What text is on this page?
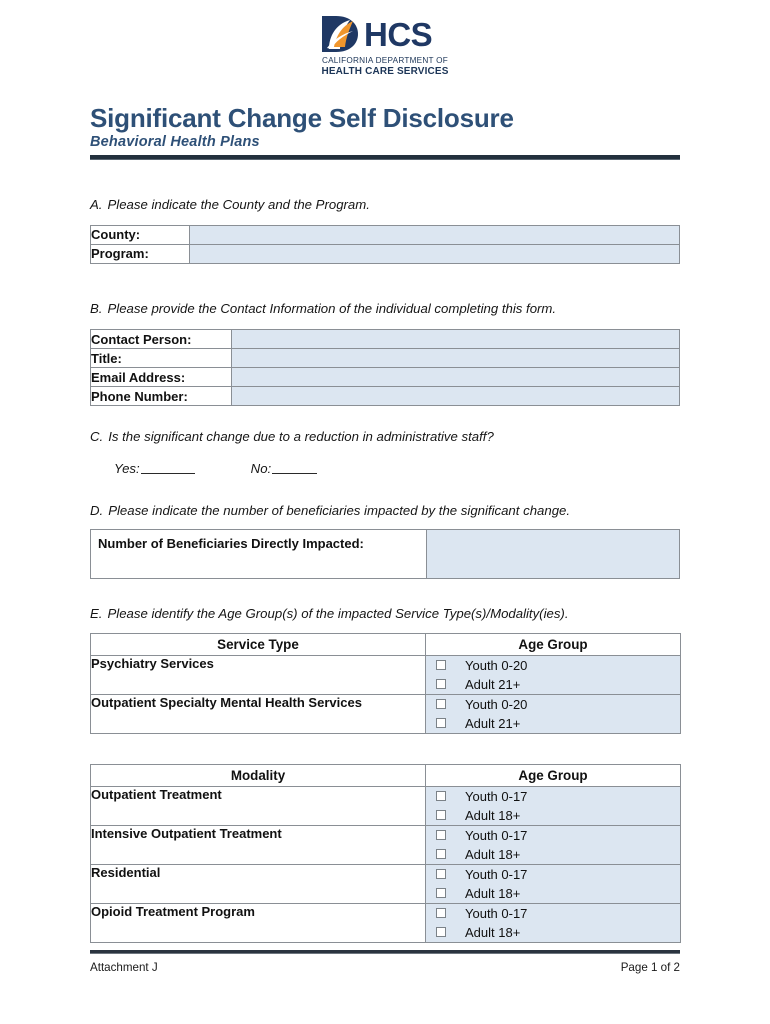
HCS
CALIFORNIA DEPARTMENT OF
HEALTH CARE SERVICES
Significant Change Self Disclosure
Behavioral Health Plans
A. Please indicate the County and the Program.
County:	
Program:	
B. Please provide the Contact Information of the individual completing this form.
Contact Person:	
Title:	
Email Address:	
Phone Number:	
C. Is the significant change due to a reduction in administrative staff?
Yes:	No:
D. Please indicate the number of beneficiaries impacted by the significant change.
Number of Beneficiaries Directly Impacted:	
E. Please identify the Age Group(s) of the impacted Service Type(s)/Modality(ies).
Service Type	Age Group
Psychiatry Services	Youth 0-20
Adult 21+

Outpatient Specialty Mental Health Services	Youth 0-20
Adult 21+
Modality	Age Group
Outpatient Treatment	Youth 0-17
Adult 18+

Intensive Outpatient Treatment	Youth 0-17
Adult 18+

Residential	Youth 0-17
Adult 18+

Opioid Treatment Program	Youth 0-17
Adult 18+
Attachment J	Page 1 of 2
